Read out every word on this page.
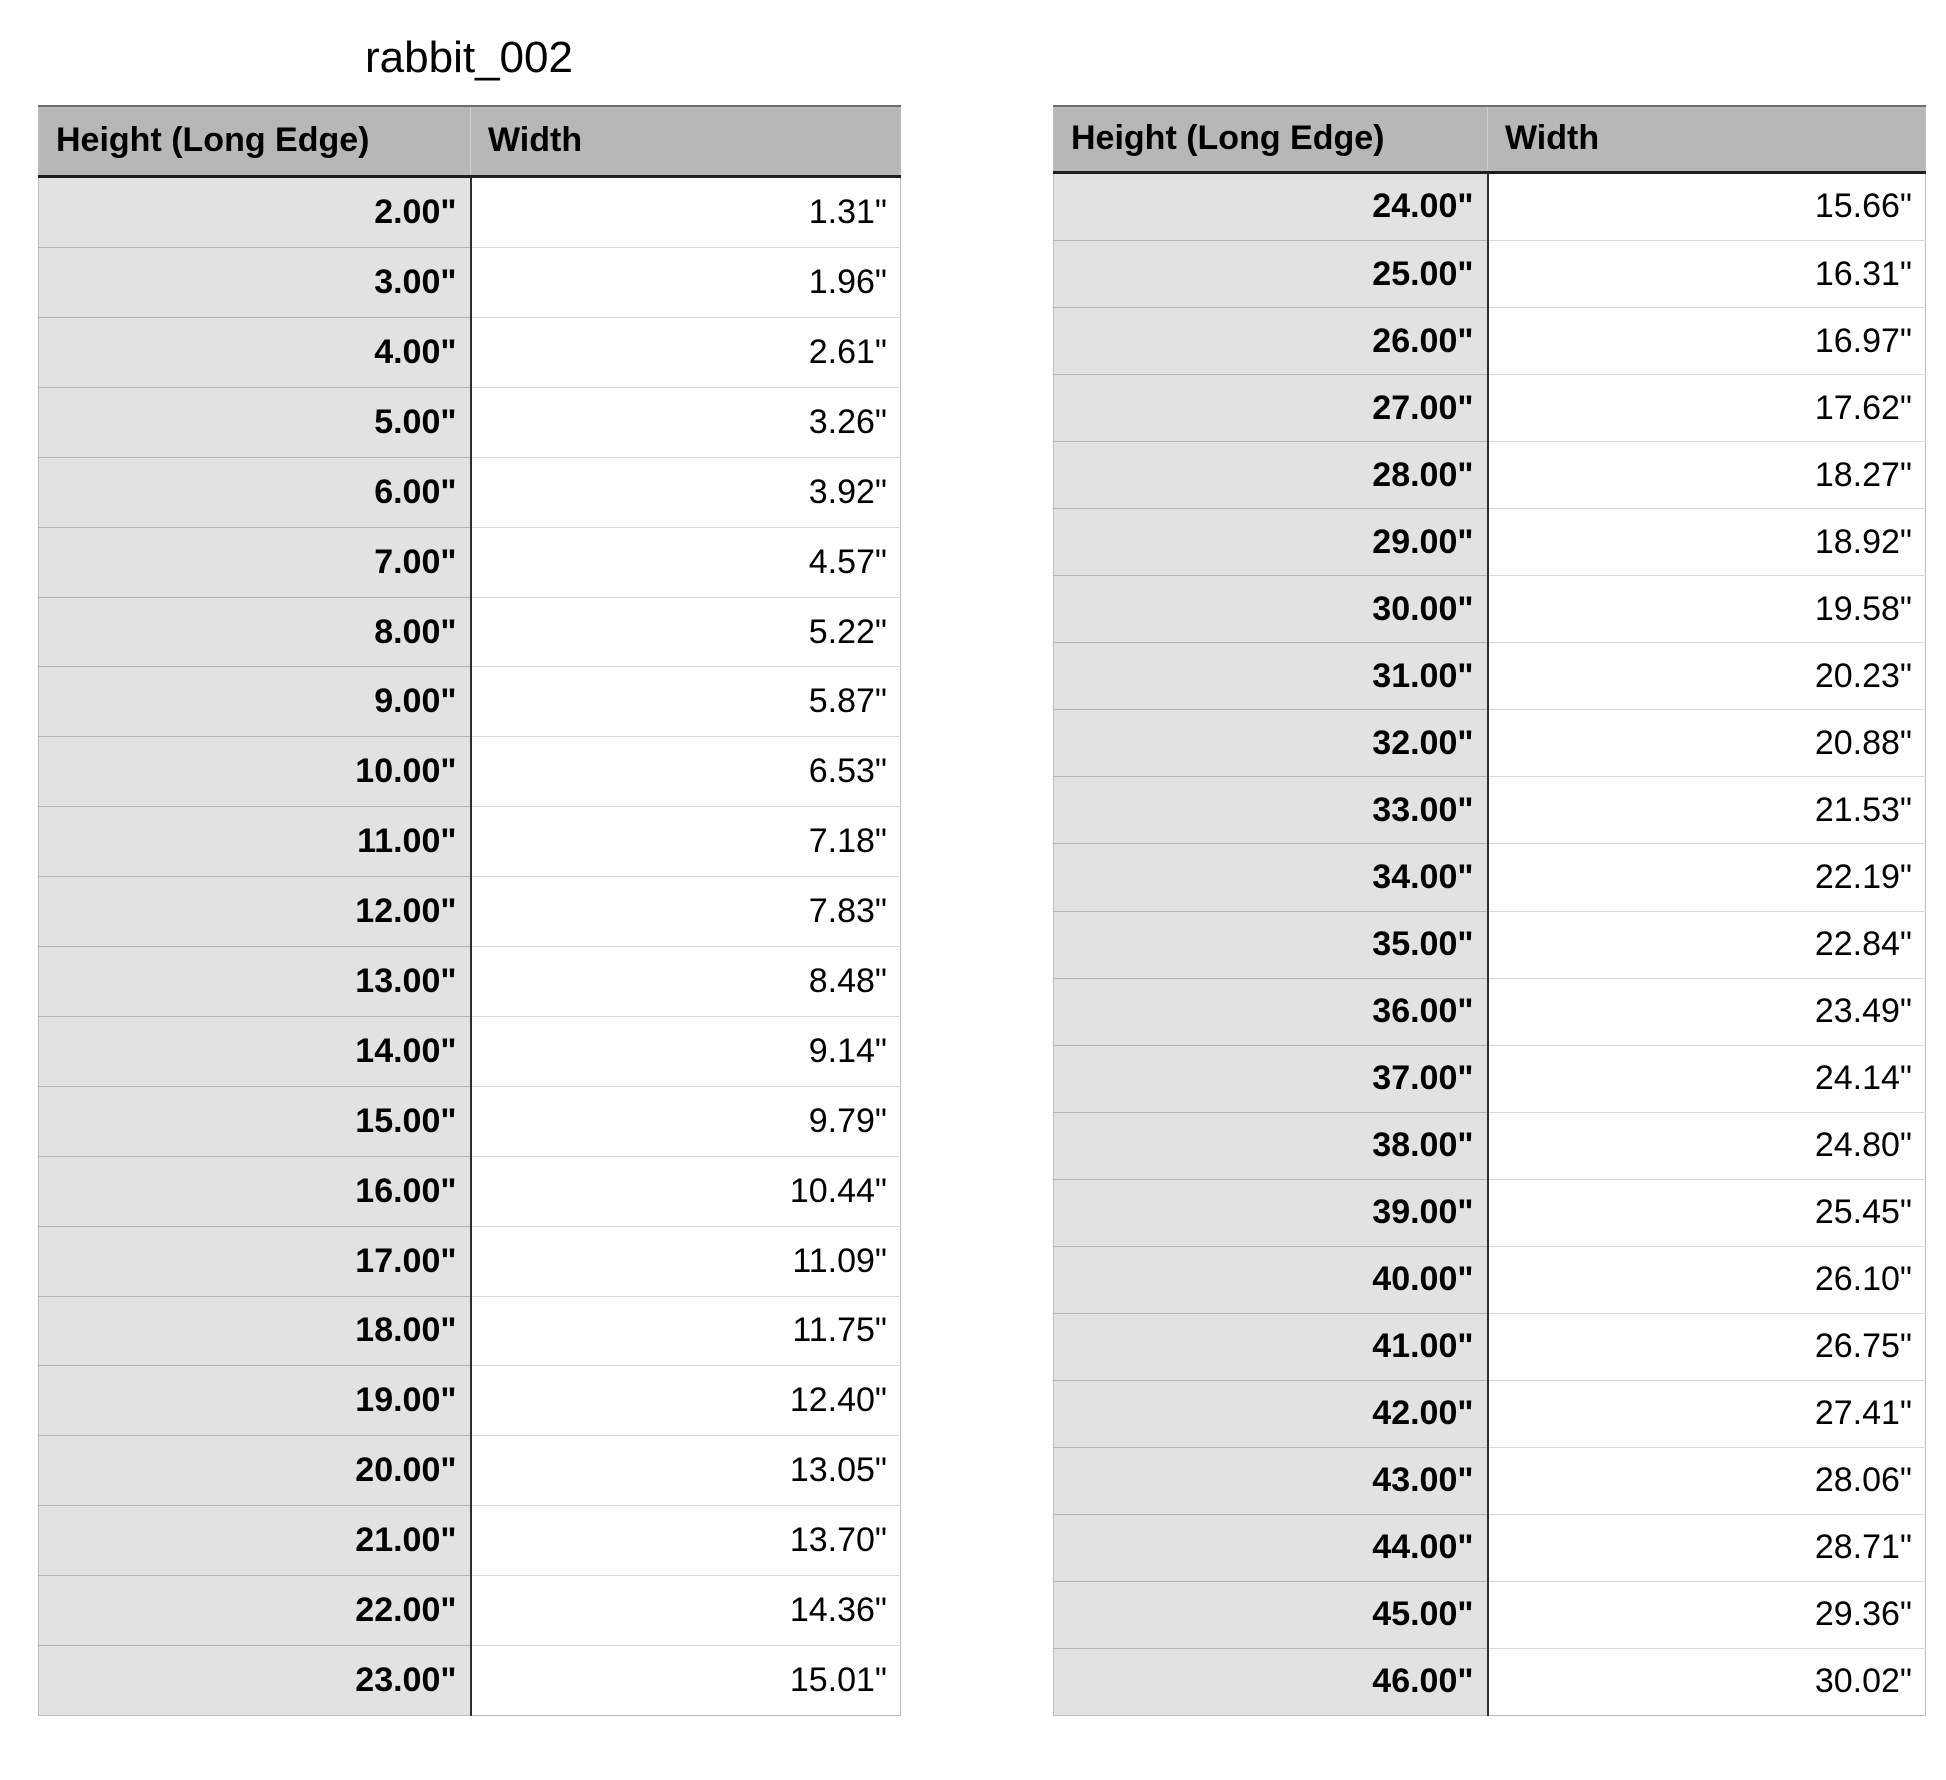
rabbit_002
Height (Long Edge)	Width
2.00"	1.31"
3.00"	1.96"
4.00"	2.61"
5.00"	3.26"
6.00"	3.92"
7.00"	4.57"
8.00"	5.22"
9.00"	5.87"
10.00"	6.53"
11.00"	7.18"
12.00"	7.83"
13.00"	8.48"
14.00"	9.14"
15.00"	9.79"
16.00"	10.44"
17.00"	11.09"
18.00"	11.75"
19.00"	12.40"
20.00"	13.05"
21.00"	13.70"
22.00"	14.36"
23.00"	15.01"
Height (Long Edge)	Width
24.00"	15.66"
25.00"	16.31"
26.00"	16.97"
27.00"	17.62"
28.00"	18.27"
29.00"	18.92"
30.00"	19.58"
31.00"	20.23"
32.00"	20.88"
33.00"	21.53"
34.00"	22.19"
35.00"	22.84"
36.00"	23.49"
37.00"	24.14"
38.00"	24.80"
39.00"	25.45"
40.00"	26.10"
41.00"	26.75"
42.00"	27.41"
43.00"	28.06"
44.00"	28.71"
45.00"	29.36"
46.00"	30.02"
